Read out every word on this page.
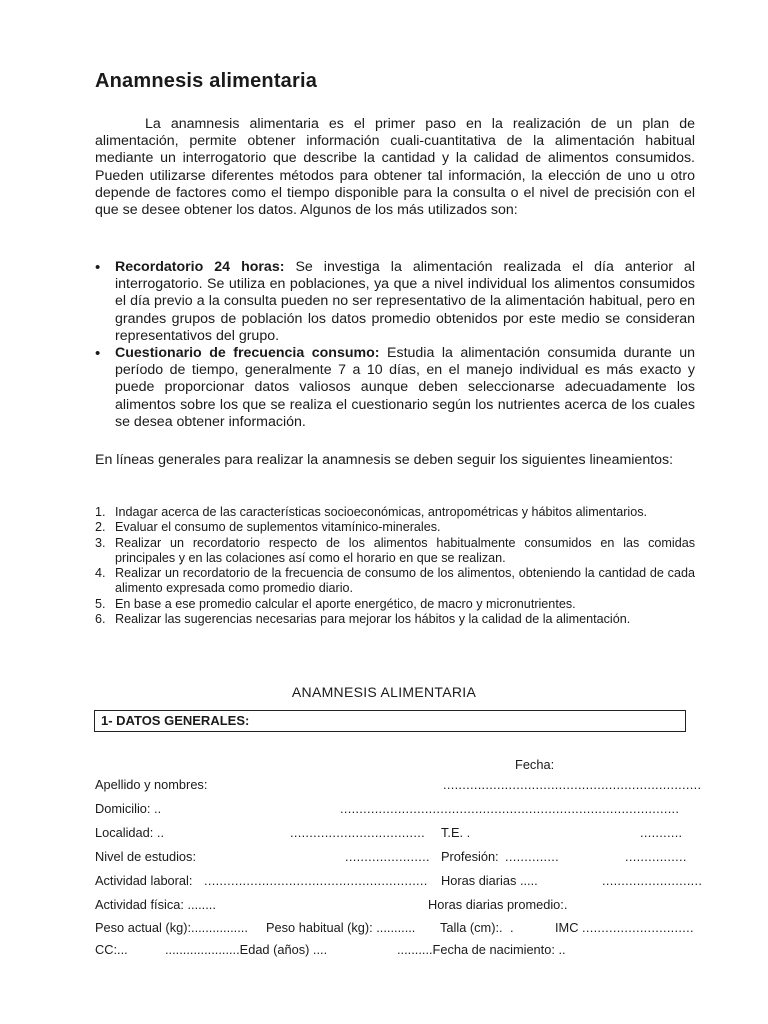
Anamnesis alimentaria

La anamnesis alimentaria es el primer paso en la realización de un plan de alimentación, permite obtener información cuali-cuantitativa de la alimentación habitual mediante un interrogatorio que describe la cantidad y la calidad de alimentos consumidos. Pueden utilizarse diferentes métodos para obtener tal información, la elección de uno u otro depende de factores como el tiempo disponible para la consulta o el nivel de precisión con el que se desee obtener los datos. Algunos de los más utilizados son:

• Recordatorio 24 horas: Se investiga la alimentación realizada el día anterior al interrogatorio. Se utiliza en poblaciones, ya que a nivel individual los alimentos consumidos el día previo a la consulta pueden no ser representativo de la alimentación habitual, pero en grandes grupos de población los datos promedio obtenidos por este medio se consideran representativos del grupo.
• Cuestionario de frecuencia consumo: Estudia la alimentación consumida durante un período de tiempo, generalmente 7 a 10 días, en el manejo individual es más exacto y puede proporcionar datos valiosos aunque deben seleccionarse adecuadamente los alimentos sobre los que se realiza el cuestionario según los nutrientes acerca de los cuales se desea obtener información.

En líneas generales para realizar la anamnesis se deben seguir los siguientes lineamientos:

1. Indagar acerca de las características socioeconómicas, antropométricas y hábitos alimentarios.
2. Evaluar el consumo de suplementos vitamínico-minerales.
3. Realizar un recordatorio respecto de los alimentos habitualmente consumidos en las comidas principales y en las colaciones así como el horario en que se realizan.
4. Realizar un recordatorio de la frecuencia de consumo de los alimentos, obteniendo la cantidad de cada alimento expresada como promedio diario.
5. En base a ese promedio calcular el aporte energético, de macro y micronutrientes.
6. Realizar las sugerencias necesarias para mejorar los hábitos y la calidad de la alimentación.
ANAMNESIS ALIMENTARIA
1- DATOS GENERALES:
Fecha:
Apellido y nombres:	...................................................................
Domicilio: ..	........................................................................................
Localidad: ..	................................... T.E. .	...........
Nivel de estudios:	...................... Profesión: ..............	................
Actividad laboral: .......................................................... Horas diarias .....	..........................
Actividad física: ........	Horas diarias promedio:.
Peso actual (kg):................ Peso habitual (kg): ........... Talla (cm):. .	IMC .............................
CC:...	.....................Edad (años) ....	..........Fecha de nacimiento: ..
